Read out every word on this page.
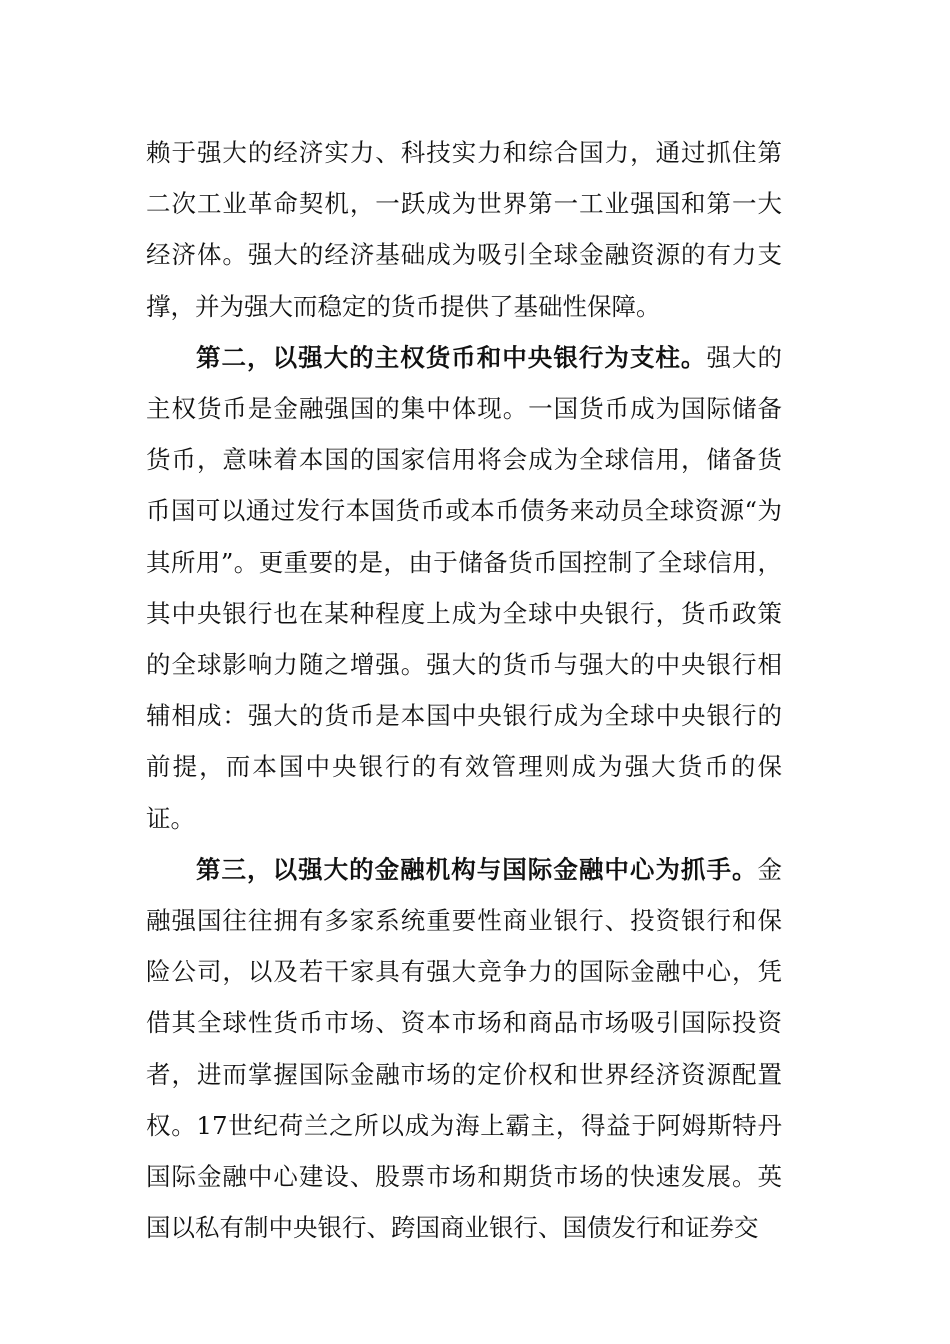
赖于强大的经济实力、科技实力和综合国力，通过抓住第二次工业革命契机，一跃成为世界第一工业强国和第一大经济体。强大的经济基础成为吸引全球金融资源的有力支撑，并为强大而稳定的货币提供了基础性保障。

第二，以强大的主权货币和中央银行为支柱。强大的主权货币是金融强国的集中体现。一国货币成为国际储备货币，意味着本国的国家信用将会成为全球信用，储备货币国可以通过发行本国货币或本币债务来动员全球资源“为其所用”。更重要的是，由于储备货币国控制了全球信用，其中央银行也在某种程度上成为全球中央银行，货币政策的全球影响力随之增强。强大的货币与强大的中央银行相辅相成：强大的货币是本国中央银行成为全球中央银行的前提，而本国中央银行的有效管理则成为强大货币的保证。

第三，以强大的金融机构与国际金融中心为抓手。金融强国往往拥有多家系统重要性商业银行、投资银行和保险公司，以及若干家具有强大竞争力的国际金融中心，凭借其全球性货币市场、资本市场和商品市场吸引国际投资者，进而掌握国际金融市场的定价权和世界经济资源配置权。17世纪荷兰之所以成为海上霸主，得益于阿姆斯特丹国际金融中心建设、股票市场和期货市场的快速发展。英国以私有制中央银行、跨国商业银行、国债发行和证券交
